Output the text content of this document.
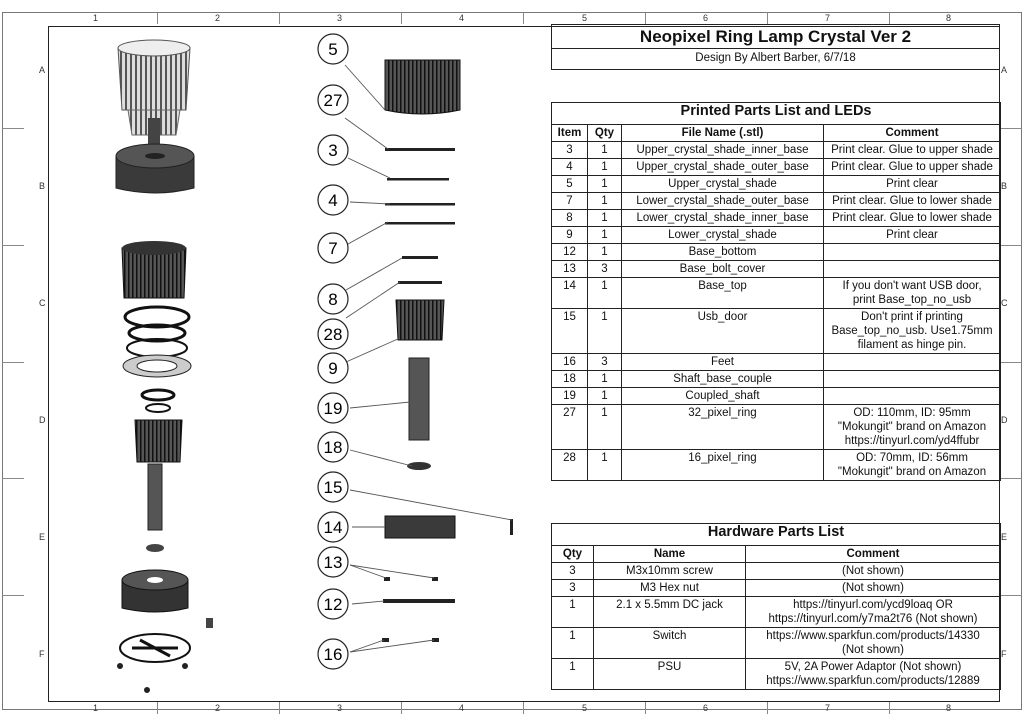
1
1
2
2
3
3
4
4
5
5
6
6
7
7
8
8
A	A
B	B
C	C
D	D
E	E
F	F
5
27
3
4
7
8
28
9
19
18
15
14
13
12
16
Neopixel Ring Lamp Crystal Ver 2
Design By Albert Barber, 6/7/18
Printed Parts List and LEDs			
Item	Qty	File Name (.stl)	Comment
3	1	Upper_crystal_shade_inner_base	Print clear. Glue to upper shade

4	1	Upper_crystal_shade_outer_base	Print clear. Glue to upper shade

5	1	Upper_crystal_shade	Print clear

7	1	Lower_crystal_shade_outer_base	Print clear. Glue to lower shade

8	1	Lower_crystal_shade_inner_base	Print clear. Glue to lower shade

9	1	Lower_crystal_shade	Print clear

12	1	Base_bottom	

13	3	Base_bolt_cover	

14	1	Base_top	If you don't want USB door,
print Base_top_no_usb

15	1	Usb_door	Don't print if printing
Base_top_no_usb. Use1.75mm
filament as hinge pin.

16	3	Feet	

18	1	Shaft_base_couple	

19	1	Coupled_shaft	

27	1	32_pixel_ring	OD: 110mm, ID: 95mm
"Mokungit" brand on Amazon
https://tinyurl.com/yd4ffubr

28	1	16_pixel_ring	OD: 70mm, ID: 56mm
"Mokungit" brand on Amazon
Hardware Parts List		
Qty	Name	Comment
3	M3x10mm screw	(Not shown)

3	M3 Hex nut	(Not shown)

1	2.1 x 5.5mm DC jack	https://tinyurl.com/ycd9loaq OR
https://tinyurl.com/y7ma2t76 (Not shown)

1	Switch	https://www.sparkfun.com/products/14330
(Not shown)

1	PSU	5V, 2A Power Adaptor (Not shown)
https://www.sparkfun.com/products/12889
